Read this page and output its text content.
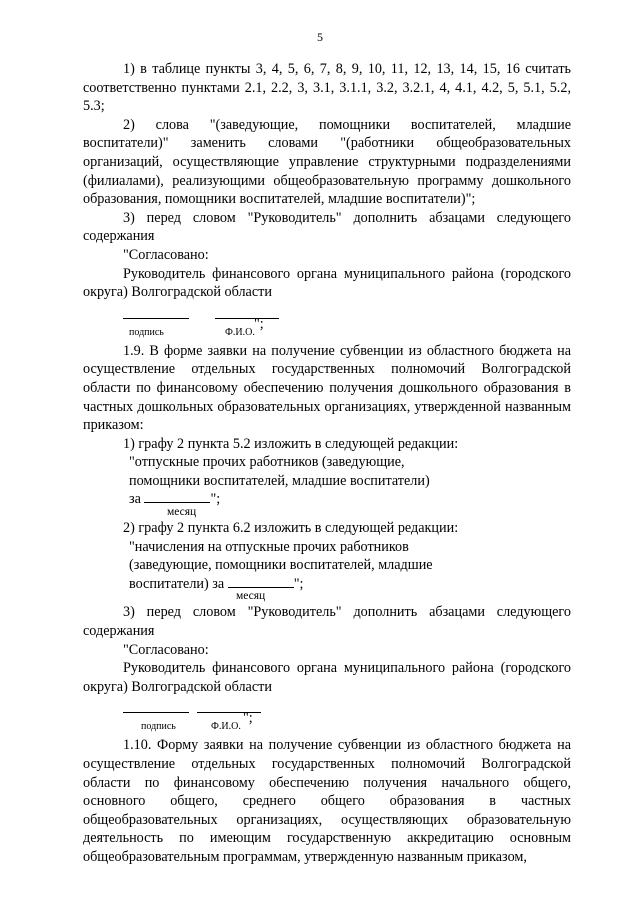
5

1) в таблице пункты 3, 4, 5, 6, 7, 8, 9, 10, 11, 12, 13, 14, 15, 16 считать соответственно пунктами 2.1, 2.2, 3, 3.1, 3.1.1, 3.2, 3.2.1, 4, 4.1, 4.2, 5, 5.1, 5.2, 5.3;

2) слова "(заведующие, помощники воспитателей, младшие воспитатели)" заменить словами "(работники общеобразовательных организаций, осуществляющие управление структурными подразделениями (филиалами), реализующими общеобразовательную программу дошкольного образования, помощники воспитателей, младшие воспитатели)";

3) перед словом "Руководитель" дополнить абзацами следующего содержания

"Согласовано:

Руководитель финансового органа муниципального района (городского округа) Волгоградской области

подпись	Ф.И.О.
";

1.9. В форме заявки на получение субвенции из областного бюджета на осуществление отдельных государственных полномочий Волгоградской области по финансовому обеспечению получения дошкольного образования в частных дошкольных образовательных организациях, утвержденной названным приказом:

1) графу 2 пункта 5.2 изложить в следующей редакции:

"отпускные прочих работников (заведующие, помощники воспитателей, младшие воспитатели)

за	";

месяц

2) графу 2 пункта 6.2 изложить в следующей редакции:

"начисления на отпускные прочих работников (заведующие, помощники воспитателей, младшие воспитатели) за	";

месяц

3) перед словом "Руководитель" дополнить абзацами следующего содержания

"Согласовано:

Руководитель финансового органа муниципального района (городского округа) Волгоградской области

подпись	Ф.И.О.
";

1.10. Форму заявки на получение субвенции из областного бюджета на осуществление отдельных государственных полномочий Волгоградской области по финансовому обеспечению получения начального общего, основного общего, среднего общего образования в частных общеобразовательных организациях, осуществляющих образовательную деятельность по имеющим государственную аккредитацию основным общеобразовательным программам, утвержденную названным приказом,
